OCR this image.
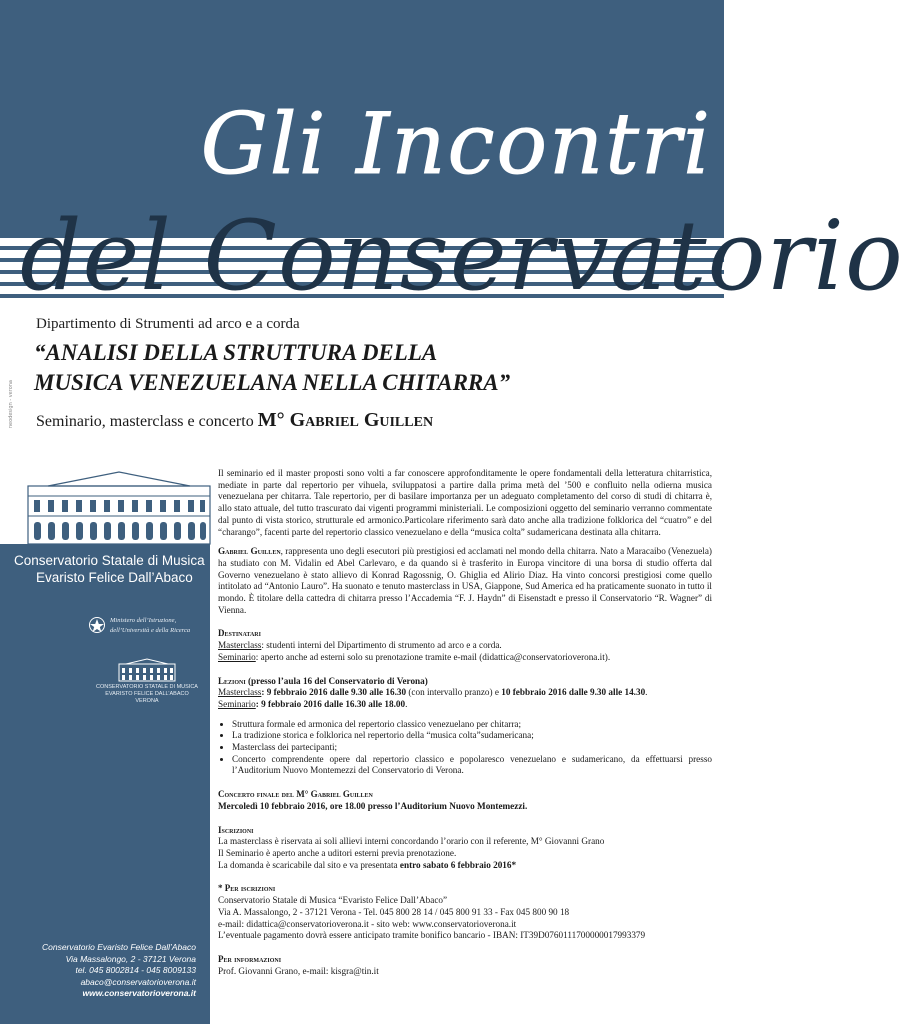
Gli Incontri
del Conservatorio
Dipartimento di Strumenti ad arco e a corda
“ANALISI DELLA STRUTTURA DELLA
MUSICA VENEZUELANA NELLA CHITARRA”
Seminario, masterclass e concerto M° Gabriel Guillen
neodesign - verona
Conservatorio Statale di Musica
Evaristo Felice Dall’Abaco
Ministero dell’Istruzione,
dell’Università e della Ricerca
CONSERVATORIO STATALE DI MUSICA
EVARISTO FELICE DALL’ABACO
VERONA
Conservatorio Evaristo Felice Dall’Abaco
Via Massalongo, 2 - 37121 Verona
tel. 045 8002814 - 045 8009133
abaco@conservatorioverona.it
www.conservatorioverona.it

Il seminario ed il master proposti sono volti a far conoscere approfonditamente le opere fondamentali della letteratura chitarristica, mediate in parte dal repertorio per vihuela, sviluppatosi a partire dalla prima metà del ’500 e confluito nella odierna musica venezuelana per chitarra. Tale repertorio, per di basilare importanza per un adeguato completamento del corso di studi di chitarra è, allo stato attuale, del tutto trascurato dai vigenti programmi ministeriali. Le composizioni oggetto del seminario verranno commentate dal punto di vista storico, strutturale ed armonico.Particolare riferimento sarà dato anche alla tradizione folklorica del “cuatro” e del “charango”, facenti parte del repertorio classico venezuelano e della “musica colta” sudamericana destinata alla chitarra.

Gabriel Guillen, rappresenta uno degli esecutori più prestigiosi ed acclamati nel mondo della chitarra. Nato a Maracaibo (Venezuela) ha studiato con M. Vidalin ed Abel Carlevaro, e da quando si è trasferito in Europa vincitore di una borsa di studio offerta dal Governo venezuelano è stato allievo di Konrad Ragossnig, O. Ghiglia ed Alirio Diaz. Ha vinto concorsi prestigiosi come quello intitolato ad “Antonio Lauro”. Ha suonato e tenuto masterclass in USA, Giappone, Sud America ed ha praticamente suonato in tutto il mondo. È titolare della cattedra di chitarra presso l’Accademia “F. J. Haydn” di Eisenstadt e presso il Conservatorio “R. Wagner” di Vienna.

Destinatari

Masterclass: studenti interni del Dipartimento di strumento ad arco e a corda.

Seminario: aperto anche ad esterni solo su prenotazione tramite e-mail (didattica@conservatorioverona.it).

Lezioni (presso l’aula 16 del Conservatorio di Verona)

Masterclass: 9 febbraio 2016 dalle 9.30 alle 16.30 (con intervallo pranzo) e 10 febbraio 2016 dalle 9.30 alle 14.30.

Seminario: 9 febbraio 2016 dalle 16.30 alle 18.00.

• Struttura formale ed armonica del repertorio classico venezuelano per chitarra;
• La tradizione storica e folklorica nel repertorio della “musica colta”sudamericana;
• Masterclass dei partecipanti;
• Concerto comprendente opere dal repertorio classico e popolaresco venezuelano e sudamericano, da effettuarsi presso l’Auditorium Nuovo Montemezzi del Conservatorio di Verona.

Concerto finale del M° Gabriel Guillen

Mercoledì 10 febbraio 2016, ore 18.00 presso l’Auditorium Nuovo Montemezzi.

Iscrizioni

La masterclass è riservata ai soli allievi interni concordando l’orario con il referente, M° Giovanni Grano

Il Seminario è aperto anche a uditori esterni previa prenotazione.

La domanda è scaricabile dal sito e va presentata entro sabato 6 febbraio 2016*

* Per iscrizioni

Conservatorio Statale di Musica “Evaristo Felice Dall’Abaco”

Via A. Massalongo, 2 - 37121 Verona - Tel. 045 800 28 14 / 045 800 91 33 - Fax 045 800 90 18

e-mail: didattica@conservatorioverona.it - sito web: www.conservatorioverona.it

L’eventuale pagamento dovrà essere anticipato tramite bonifico bancario - IBAN: IT39D0760111700000017993379

Per informazioni

Prof. Giovanni Grano, e-mail: kisgra@tin.it
